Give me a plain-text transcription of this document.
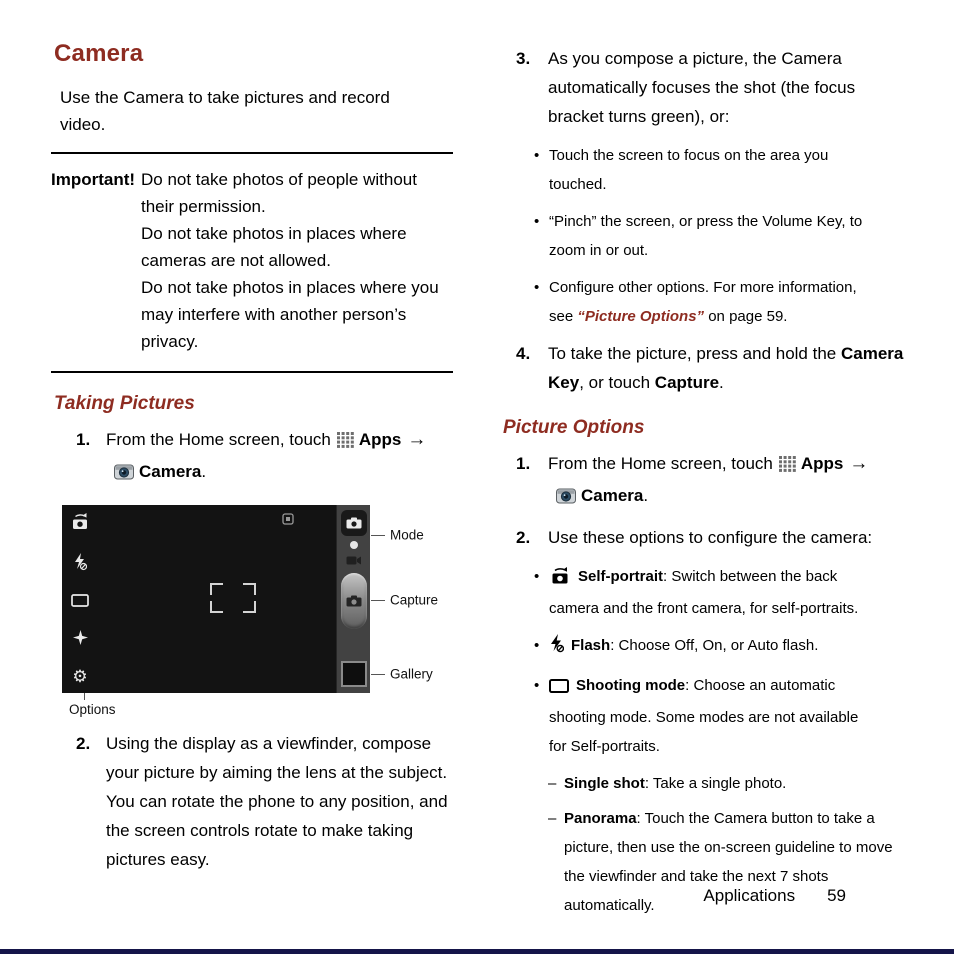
Camera

Use the Camera to take pictures and record video.

Important! Do not take photos of people without their permission.
Do not take photos in places where cameras are not allowed.
Do not take photos in places where you may interfere with another person’s privacy.
Taking Pictures
1. From the Home screen, touch Apps →
Camera.
⚙
Mode
Capture
Gallery
Options
2. Using the display as a viewfinder, compose your picture by aiming the lens at the subject. You can rotate the phone to any position, and the screen controls rotate to make taking pictures easy.
3.	As you compose a picture, the Camera automatically focuses the shot (the focus bracket turns green), or:
• Touch the screen to focus on the area you touched.
• “Pinch” the screen, or press the Volume Key, to zoom in or out.
• Configure other options. For more information, see “Picture Options” on page 59.
4.	To take the picture, press and hold the Camera Key, or touch Capture.
Picture Options
1.	From the Home screen, touch Apps →
Camera.
2.	Use these options to configure the camera:
•	Self-portrait: Switch between the back camera and the front camera, for self-portraits.
•	Flash: Choose Off, On, or Auto flash.
•	Shooting mode: Choose an automatic shooting mode. Some modes are not available for Self-portraits.
– Single shot: Take a single photo.
– Panorama: Touch the Camera button to take a picture, then use the on-screen guideline to move the viewfinder and take the next 7 shots automatically.
Applications 59
